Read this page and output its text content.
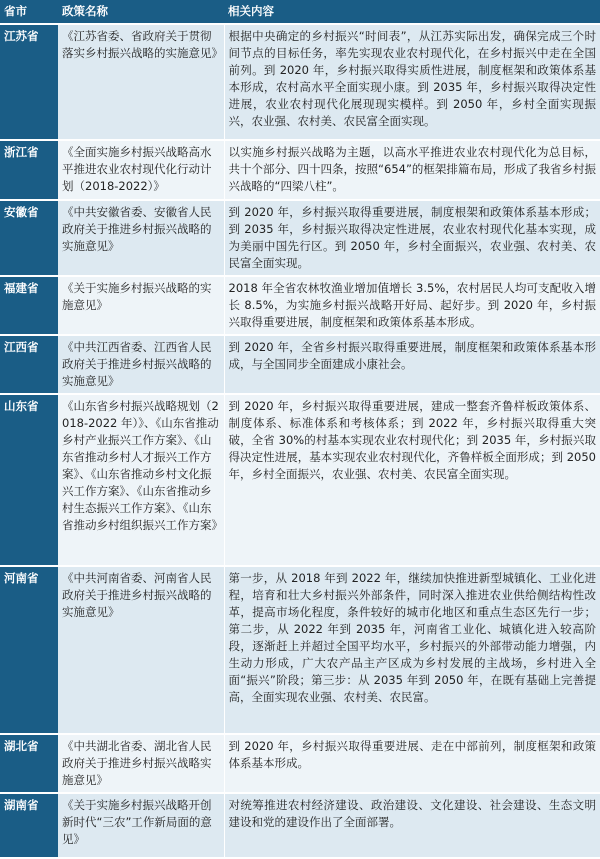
省市	政策名称	相关内容
江苏省	《江苏省委、省政府关于贯彻落实乡村振兴战略的实施意见》	根据中央确定的乡村振兴“时间表”，从江苏实际出发，确保完成三个时间节点的目标任务，率先实现农业农村现代化，在乡村振兴中走在全国前列。到 2020 年，乡村振兴取得实质性进展，制度框架和政策体系基本形成，农村高水平全面实现小康。到 2035 年，乡村振兴取得决定性进展，农业农村现代化展现现实模样。到 2050 年，乡村全面实现振兴，农业强、农村美、农民富全面实现。
浙江省	《全面实施乡村振兴战略高水平推进农业农村现代化行动计划（2018-2022）》	以实施乡村振兴战略为主题，以高水平推进农业农村现代化为总目标，共十个部分、四十四条，按照“654”的框架排篇布局，形成了我省乡村振兴战略的“四梁八柱”。
安徽省	《中共安徽省委、安徽省人民政府关于推进乡村振兴战略的实施意见》	到 2020 年，乡村振兴取得重要进展，制度根架和政策体系基本形成；到 2035 年，乡村振兴取得决定性进展，农业农村现代化基本实现，成为美丽中国先行区。到 2050 年，乡村全面振兴，农业强、农村美、农民富全面实现。
福建省	《关于实施乡村振兴战略的实施意见》	2018 年全省农林牧渔业增加值增长 3.5%，农村居民人均可支配收入增长 8.5%，为实施乡村振兴战略开好局、起好步。到 2020 年，乡村振兴取得重要进展，制度框架和政策体系基本形成。
江西省	《中共江西省委、江西省人民政府关于推进乡村振兴战略的实施意见》	到 2020 年，全省乡村振兴取得重要进展，制度框架和政策体系基本形成，与全国同步全面建成小康社会。
山东省	《山东省乡村振兴战略规划（2018-2022 年）》、《山东省推动乡村产业振兴工作方案》、《山东省推动乡村人才振兴工作方案》、《山东省推动乡村文化振兴工作方案》、《山东省推动乡村生态振兴工作方案》、《山东省推动乡村组织振兴工作方案》	到 2020 年，乡村振兴取得重要进展，建成一整套齐鲁样板政策体系、制度体系、标准体系和考核体系；到 2022 年，乡村振兴取得重大突破，全省 30%的村基本实现农业农村现代化；到 2035 年，乡村振兴取得决定性进展，基本实现农业农村现代化，齐鲁样板全面形成；到 2050 年，乡村全面振兴，农业强、农村美、农民富全面实现。
河南省	《中共河南省委、河南省人民政府关于推进乡村振兴战略的实施意见》	第一步，从 2018 年到 2022 年，继续加快推进新型城镇化、工业化进程，培育和壮大乡村振兴外部条件，同时深入推进农业供给侧结构性改革，提高市场化程度，条件较好的城市化地区和重点生态区先行一步；第二步，从 2022 年到 2035 年，河南省工业化、城镇化进入较高阶段，逐渐赶上并超过全国平均水平，乡村振兴的外部带动能力增强，内生动力形成，广大农产品主产区成为乡村发展的主战场，乡村进入全面“振兴”阶段；第三步：从 2035 年到 2050 年，在既有基础上完善提高，全面实现农业强、农村美、农民富。
湖北省	《中共湖北省委、湖北省人民政府关于推进乡村振兴战略实施意见》	到 2020 年，乡村振兴取得重要进展、走在中部前列，制度框架和政策体系基本形成。
湖南省	《关于实施乡村振兴战略开创新时代“三农”工作新局面的意见》	对统筹推进农村经济建设、政治建设、文化建设、社会建设、生态文明建设和党的建设作出了全面部署。
